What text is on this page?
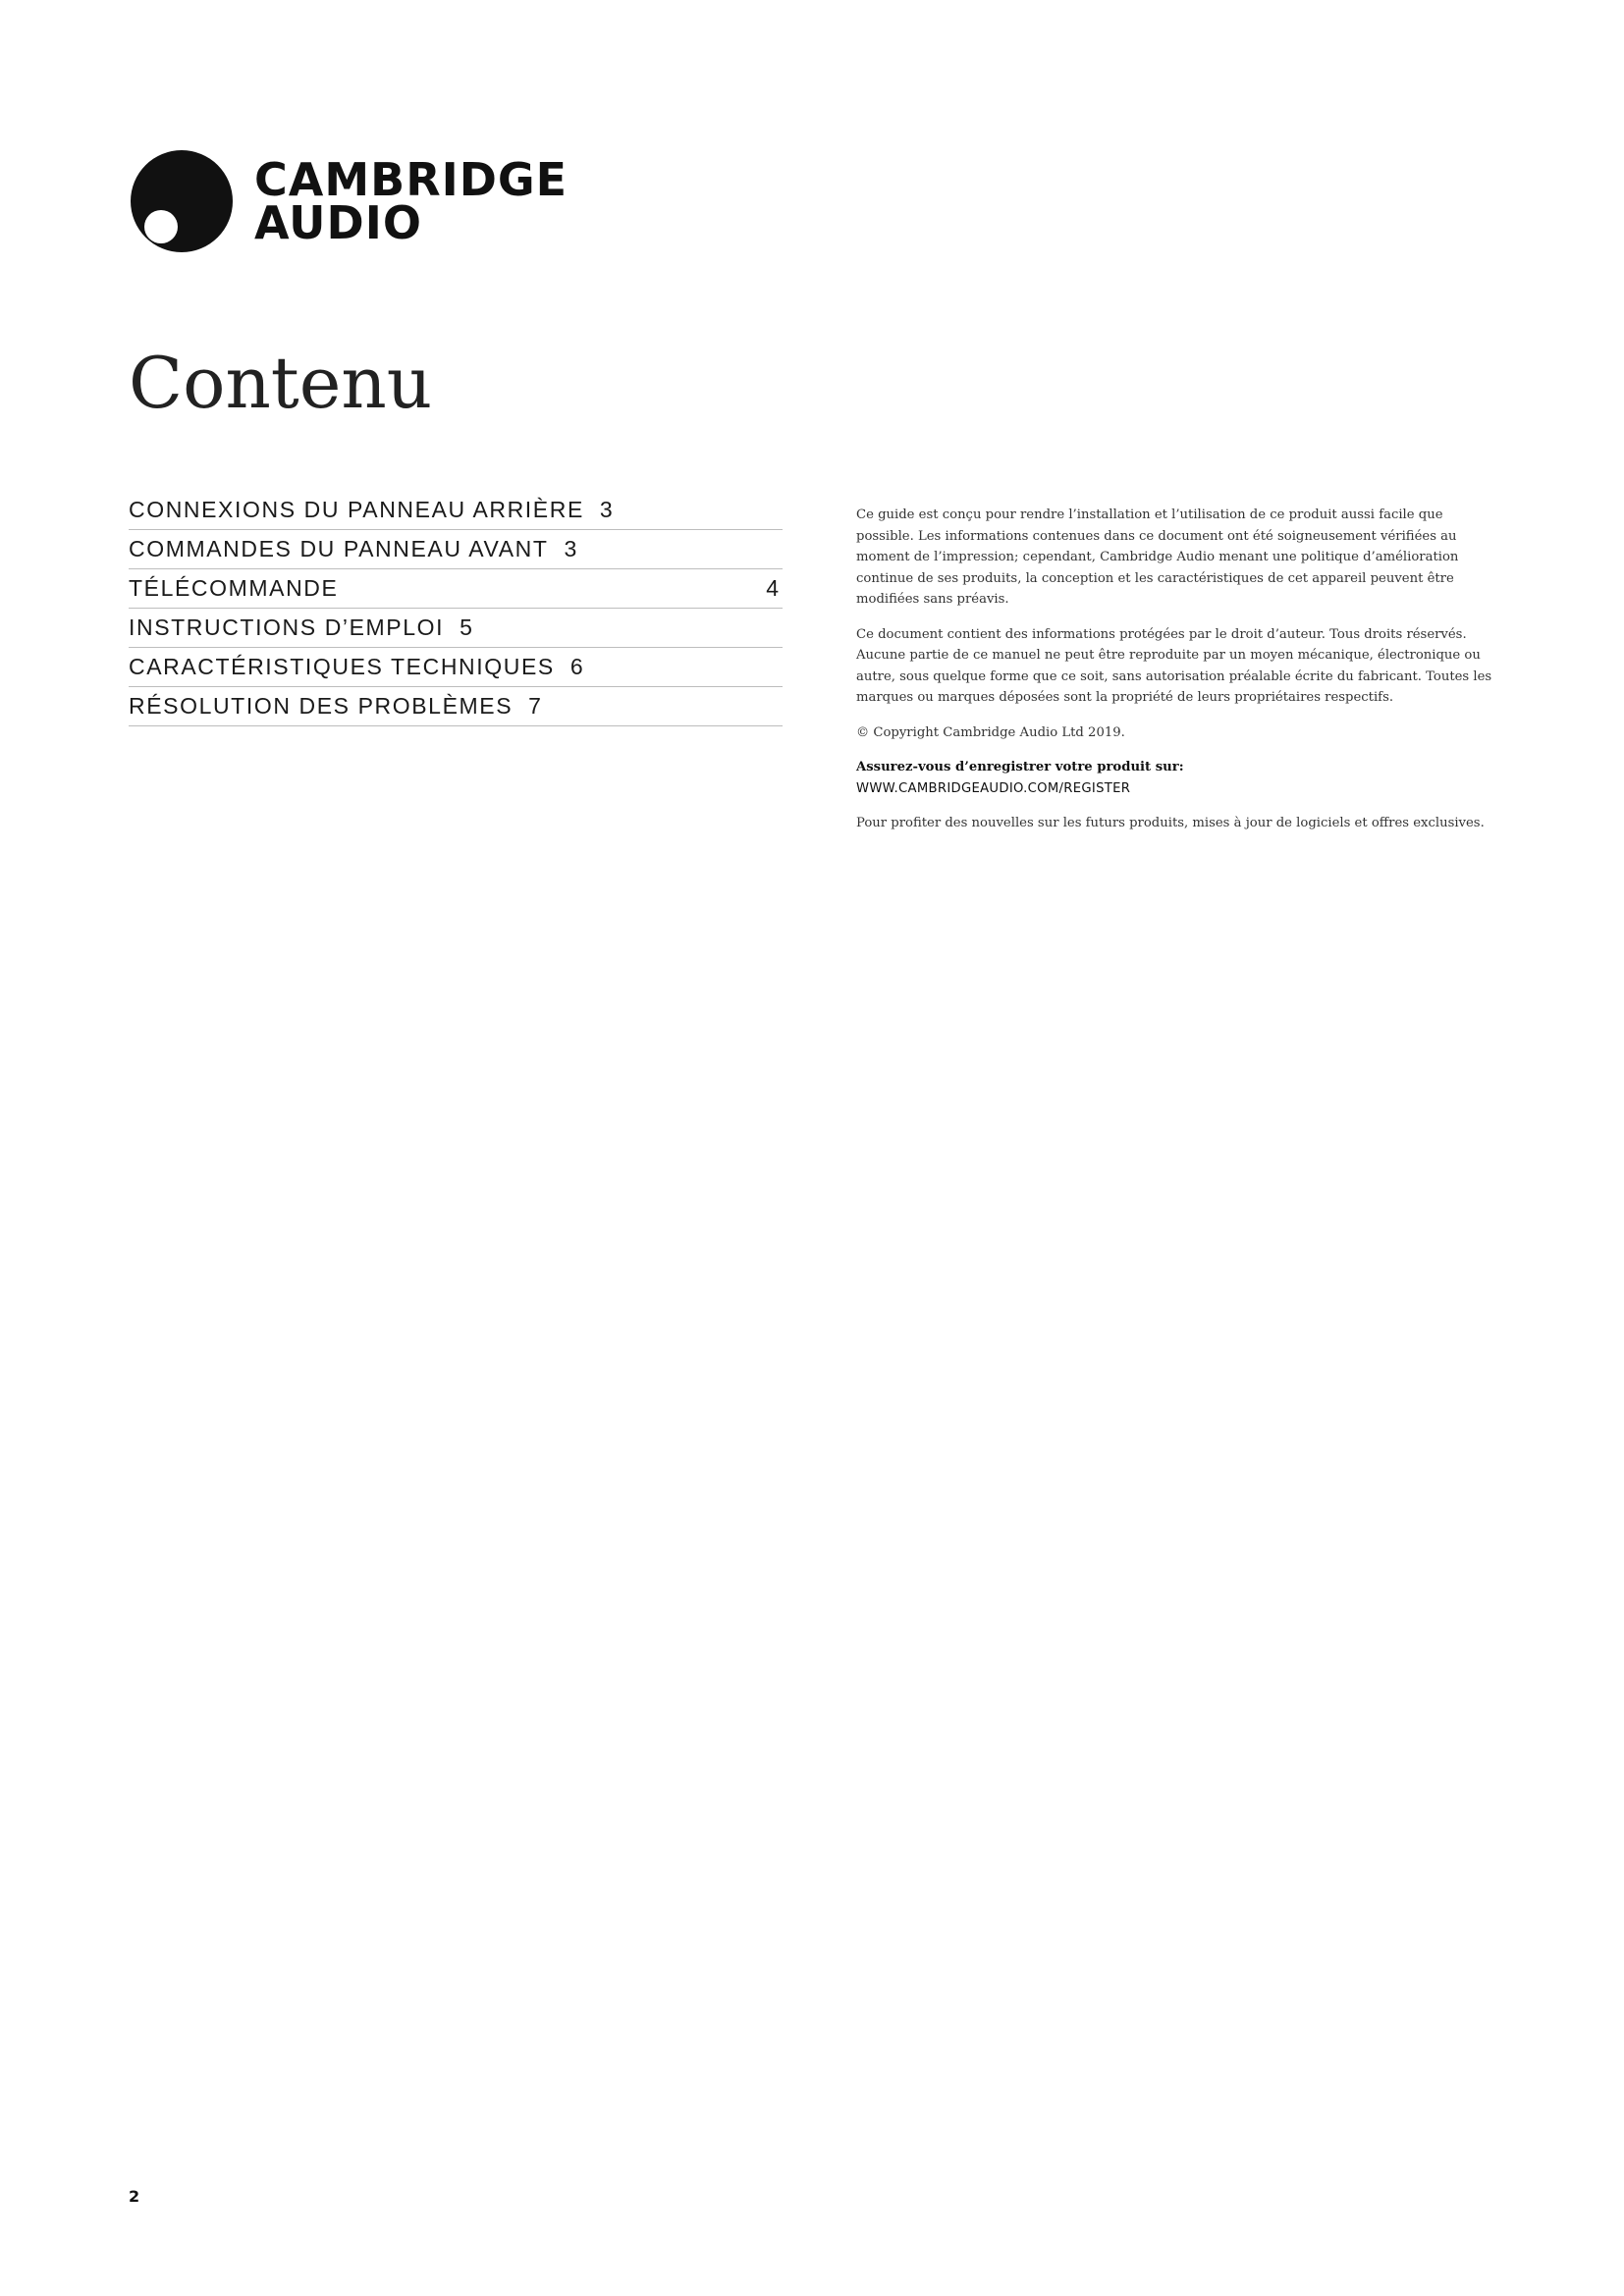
CAMBRIDGE
AUDIO
Contenu
CONNEXIONS DU PANNEAU ARRIÈRE 3
COMMANDES DU PANNEAU AVANT 3
TÉLÉCOMMANDE	4
INSTRUCTIONS D’EMPLOI 5
CARACTÉRISTIQUES TECHNIQUES 6
RÉSOLUTION DES PROBLÈMES 7

Ce guide est conçu pour rendre l’installation et l’utilisation de ce produit aussi facile que possible. Les informations contenues dans ce document ont été soigneusement vérifiées au moment de l’impression; cependant, Cambridge Audio menant une politique d’amélioration continue de ses produits, la conception et les caractéristiques de cet appareil peuvent être modifiées sans préavis.

Ce document contient des informations protégées par le droit d’auteur. Tous droits réservés. Aucune partie de ce manuel ne peut être reproduite par un moyen mécanique, électronique ou autre, sous quelque forme que ce soit, sans autorisation préalable écrite du fabricant. Toutes les marques ou marques déposées sont la propriété de leurs propriétaires respectifs.

© Copyright Cambridge Audio Ltd 2019.

Assurez-vous d’enregistrer votre produit sur:
WWW.CAMBRIDGEAUDIO.COM/REGISTER

Pour profiter des nouvelles sur les futurs produits, mises à jour de logiciels et offres exclusives.

2
